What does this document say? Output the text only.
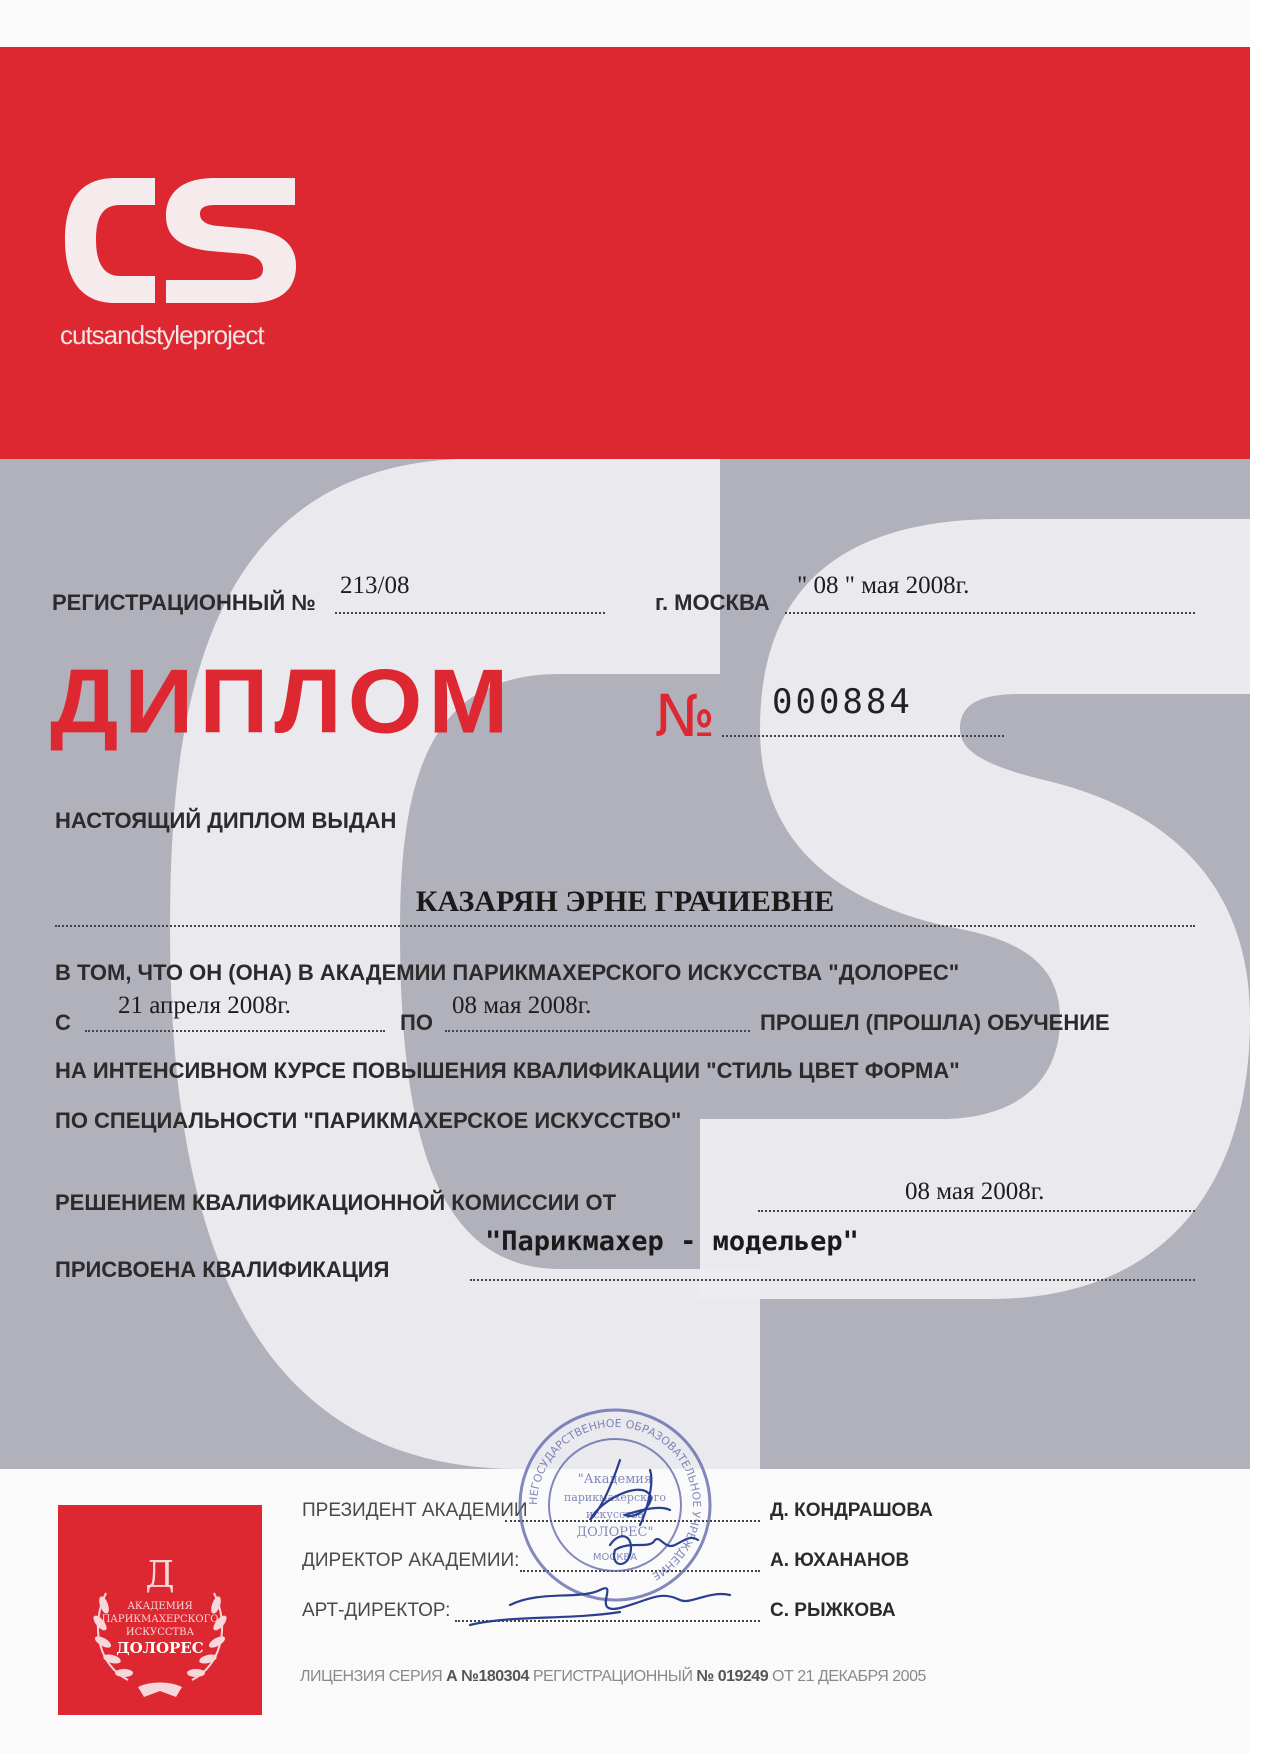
cutsandstyleproject
РЕГИСТРАЦИОННЫЙ №
213/08
г. МОСКВА
" 08 " мая 2008г.
ДИПЛОМ № 000884
НАСТОЯЩИЙ ДИПЛОМ ВЫДАН
КАЗАРЯН ЭРНЕ ГРАЧИЕВНЕ
В ТОМ, ЧТО ОН (ОНА) В АКАДЕМИИ ПАРИКМАХЕРСКОГО ИСКУССТВА "ДОЛОРЕС"
С
21 апреля 2008г.
ПО
08 мая 2008г.
ПРОШЕЛ (ПРОШЛА) ОБУЧЕНИЕ
НА ИНТЕНСИВНОМ КУРСЕ ПОВЫШЕНИЯ КВАЛИФИКАЦИИ "СТИЛЬ ЦВЕТ ФОРМА"
ПО СПЕЦИАЛЬНОСТИ "ПАРИКМАХЕРСКОЕ ИСКУССТВО"
РЕШЕНИЕМ КВАЛИФИКАЦИОННОЙ КОМИССИИ ОТ	08 мая 2008г.
ПРИСВОЕНА КВАЛИФИКАЦИЯ
"Парикмахер - модельер"
Д
АКАДЕМИЯ
ПАРИКМАХЕРСКОГО
ИСКУССТВА
ДОЛОРЕС
ПРЕЗИДЕНТ АКАДЕМИИ	Д. КОНДРАШОВА
ДИРЕКТОР АКАДЕМИИ:	А. ЮХАНАНОВ
АРТ-ДИРЕКТОР:	С. РЫЖКОВА
НЕГОСУДАРСТВЕННОЕ ОБРАЗОВАТЕЛЬНОЕ УЧРЕЖДЕНИЕ
"Академия
парикмахерского
искусства
ДОЛОРЕС"
МОСКВА
ЛИЦЕНЗИЯ СЕРИЯ А №180304 РЕГИСТРАЦИОННЫЙ № 019249 ОТ 21 ДЕКАБРЯ 2005
